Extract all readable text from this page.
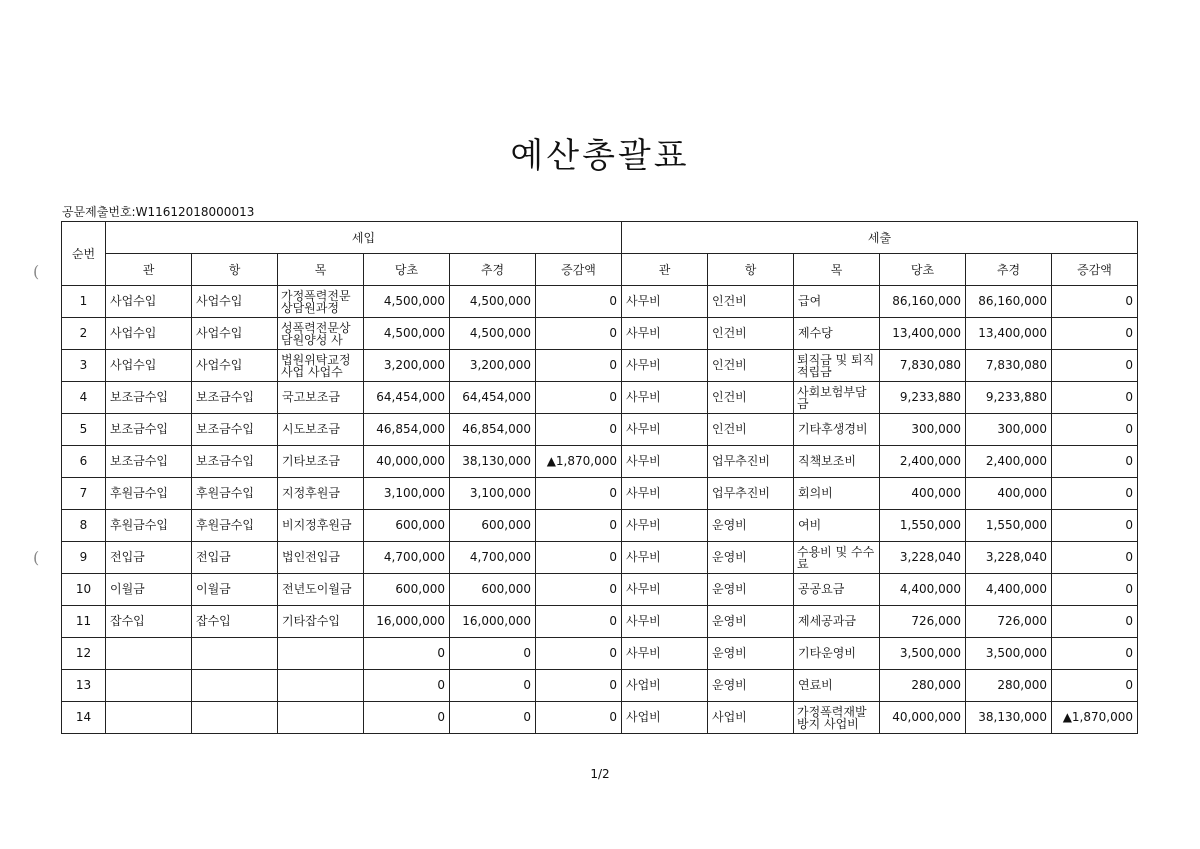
예산총괄표
공문제출번호:W11612018000013
(
(
순번	세입						세출					
	관	항	목	당초	추경	증감액	관	항	목	당초	추경	증감액
1	사업수입	사업수입	가정폭력전문상담원과정	4,500,000	4,500,000	0	사무비	인건비	급여	86,160,000	86,160,000	0
2	사업수입	사업수입	성폭력전문상담원양성 사	4,500,000	4,500,000	0	사무비	인건비	제수당	13,400,000	13,400,000	0
3	사업수입	사업수입	법원위탁교정사업 사업수	3,200,000	3,200,000	0	사무비	인건비	퇴직금 및 퇴직적립금	7,830,080	7,830,080	0
4	보조금수입	보조금수입	국고보조금	64,454,000	64,454,000	0	사무비	인건비	사회보험부담금	9,233,880	9,233,880	0
5	보조금수입	보조금수입	시도보조금	46,854,000	46,854,000	0	사무비	인건비	기타후생경비	300,000	300,000	0
6	보조금수입	보조금수입	기타보조금	40,000,000	38,130,000	▲1,870,000	사무비	업무추진비	직책보조비	2,400,000	2,400,000	0
7	후원금수입	후원금수입	지정후원금	3,100,000	3,100,000	0	사무비	업무추진비	회의비	400,000	400,000	0
8	후원금수입	후원금수입	비지정후원금	600,000	600,000	0	사무비	운영비	여비	1,550,000	1,550,000	0
9	전입금	전입금	법인전입금	4,700,000	4,700,000	0	사무비	운영비	수용비 및 수수료	3,228,040	3,228,040	0
10	이월금	이월금	전년도이월금	600,000	600,000	0	사무비	운영비	공공요금	4,400,000	4,400,000	0
11	잡수입	잡수입	기타잡수입	16,000,000	16,000,000	0	사무비	운영비	제세공과금	726,000	726,000	0
12				0	0	0	사무비	운영비	기타운영비	3,500,000	3,500,000	0
13				0	0	0	사업비	운영비	연료비	280,000	280,000	0
14				0	0	0	사업비	사업비	가정폭력재발방지 사업비	40,000,000	38,130,000	▲1,870,000
1/2
